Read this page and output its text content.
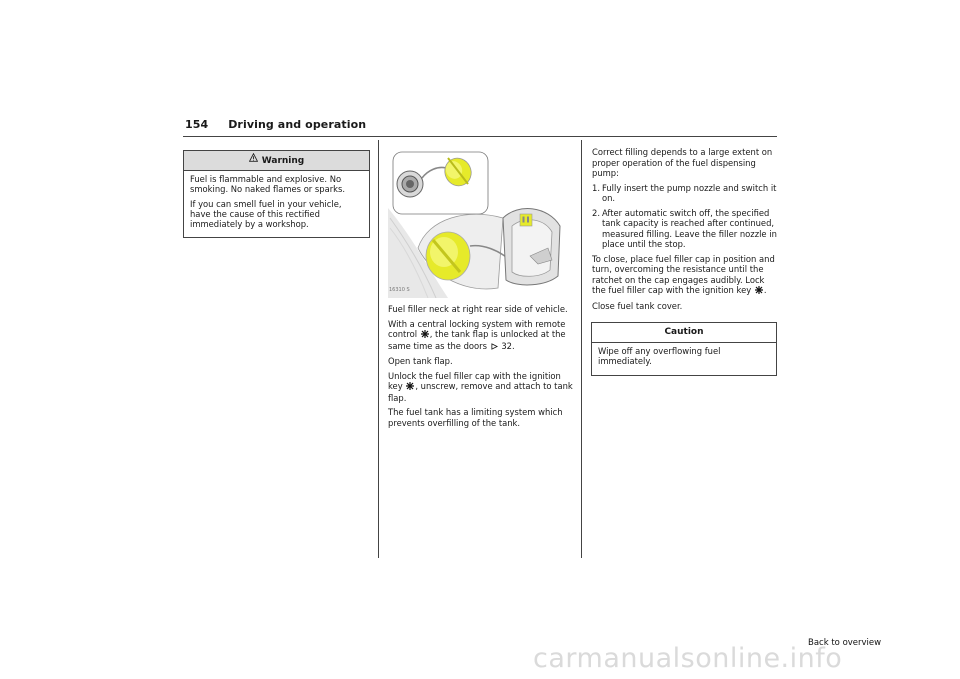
154 Driving and operation
Warning

Fuel is flammable and explosive. No smoking. No naked flames or sparks.

If you can smell fuel in your vehicle, have the cause of this rectified immediately by a workshop.

16310 S

Fuel filler neck at right rear side of vehicle.

With a central locking system with remote control , the tank flap is unlocked at the same time as the doors  32.

Open tank flap.

Unlock the fuel filler cap with the ignition key , unscrew, remove and attach to tank flap.

The fuel tank has a limiting system which prevents overfilling of the tank.

Correct filling depends to a large extent on proper operation of the fuel dispensing pump:

1. Fully insert the pump nozzle and switch it on.
2. After automatic switch off, the specified tank capacity is reached after continued, measured filling. Leave the filler nozzle in place until the stop.

To close, place fuel filler cap in position and turn, overcoming the resistance until the ratchet on the cap engages audibly. Lock the fuel filler cap with the ignition key .

Close fuel tank cover.

Caution

Wipe off any overflowing fuel immediately.

Back to overview
carmanualsonline.info
